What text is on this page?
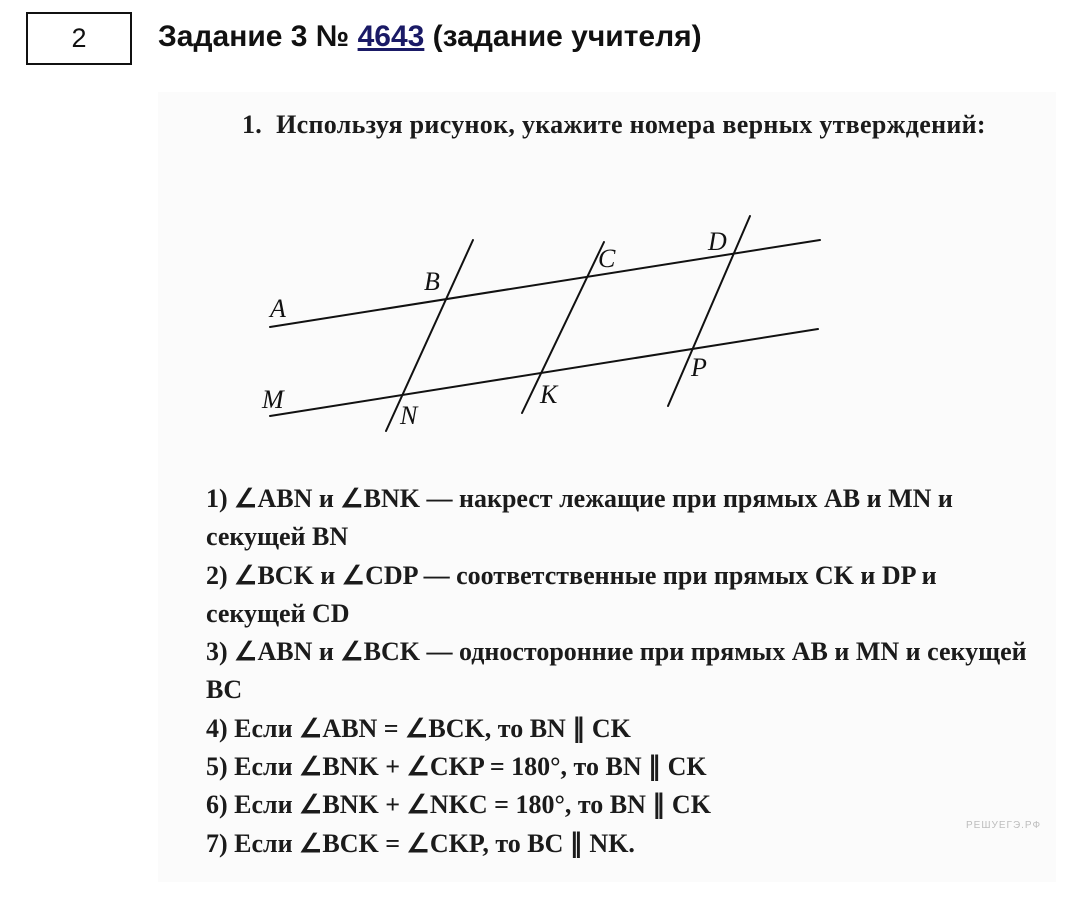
2 Задание 3 № 4643 (задание учителя)
1. Используя рисунок, укажите номера верных утверждений:
A
B
C
D
M
N
K
P

1) ∠ABN и ∠BNK — накрест лежащие при прямых AB и MN и секущей BN

2) ∠BCK и ∠CDP — соответственные при прямых CK и DP и секущей CD

3) ∠ABN и ∠BCK — односторонние при прямых AB и MN и секущей BC

4) Если ∠ABN = ∠BCK, то BN ∥ CK

5) Если ∠BNK + ∠CKP = 180°, то BN ∥ CK

6) Если ∠BNK + ∠NKC = 180°, то BN ∥ CK

7) Если ∠BCK = ∠CKP, то BC ∥ NK.

РЕШУЕГЭ.РФ
